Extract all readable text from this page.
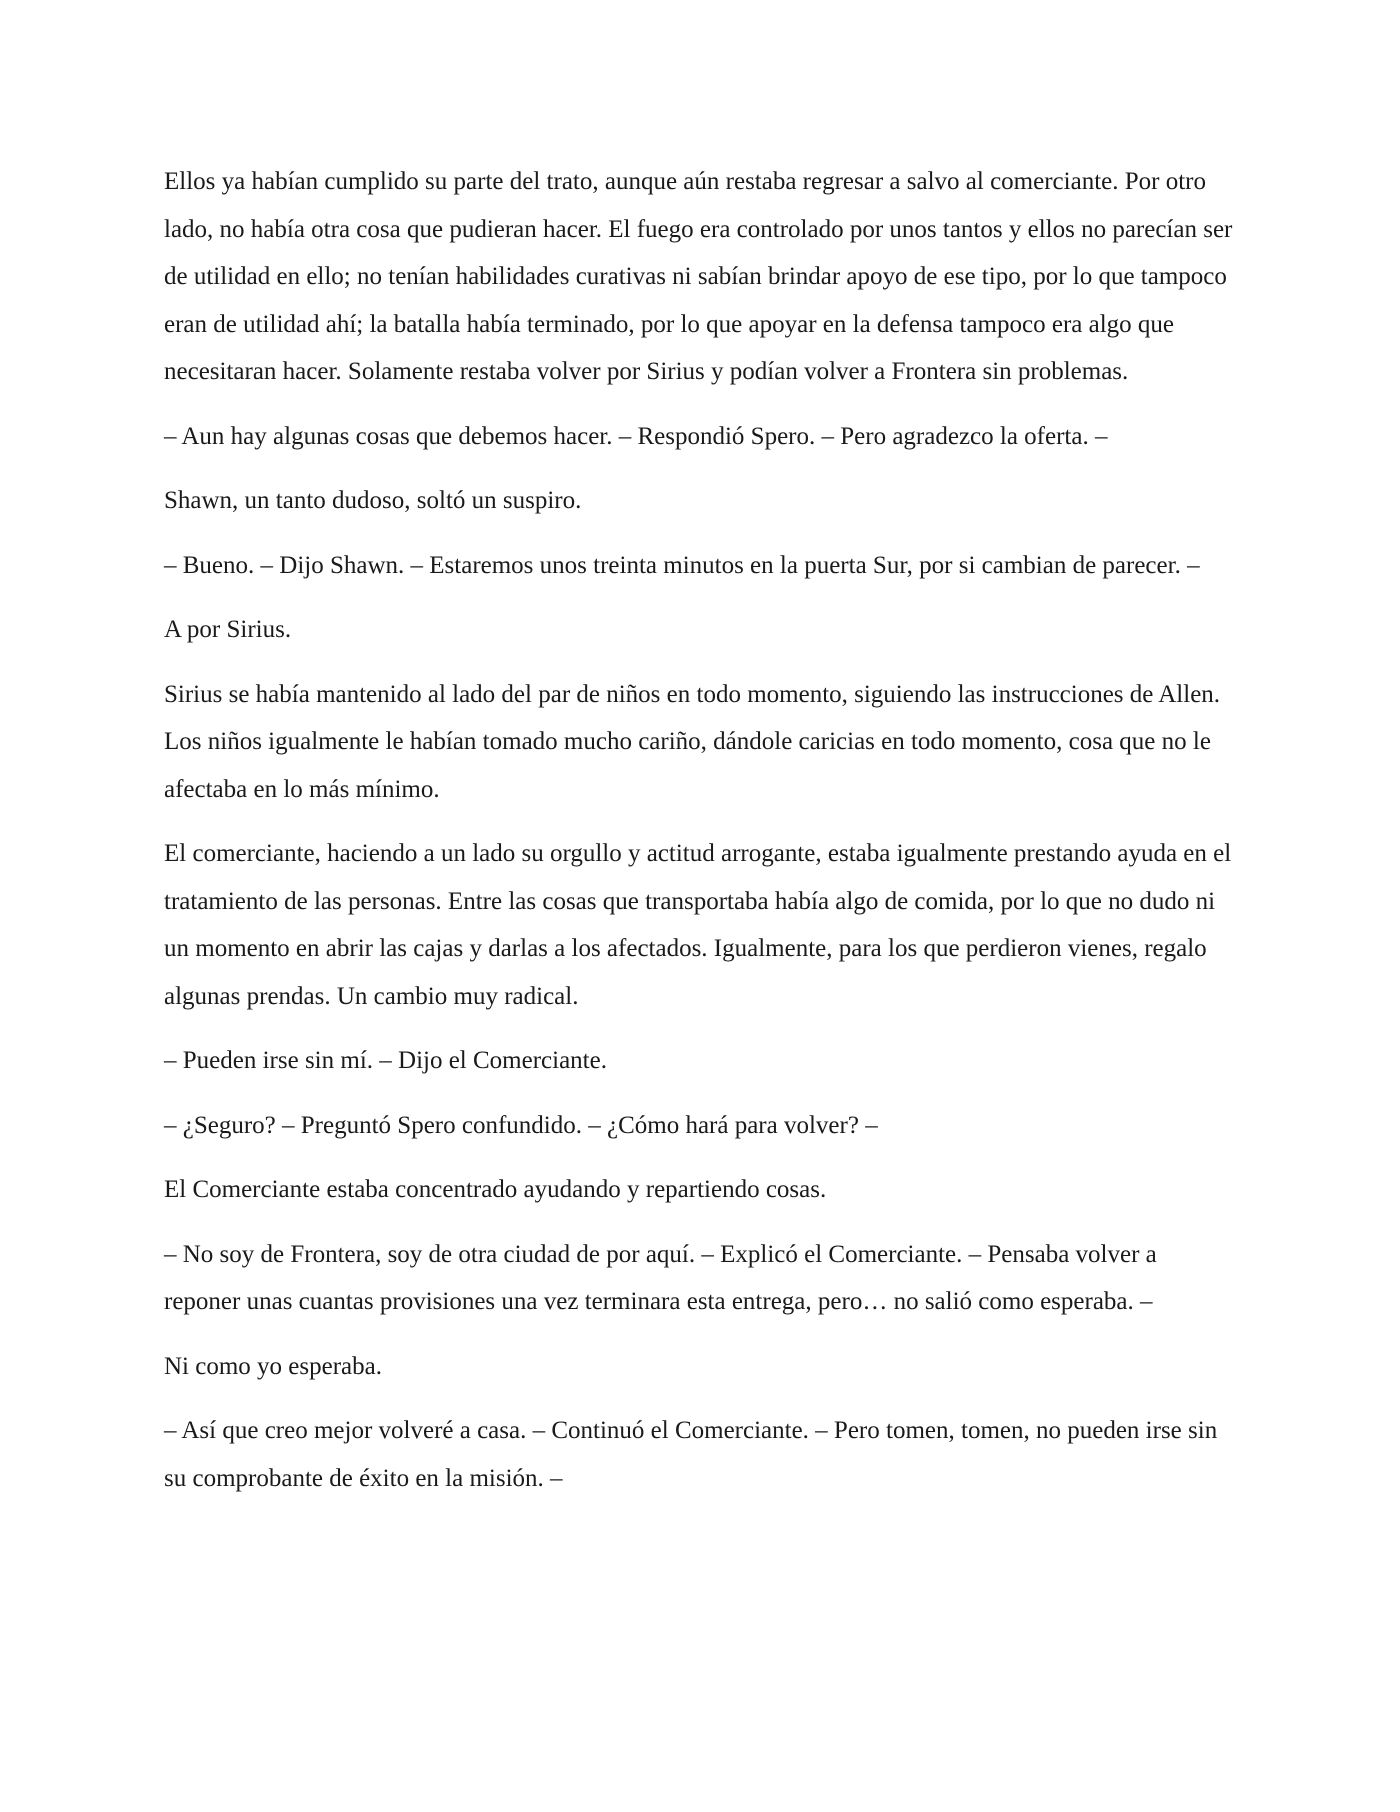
Ellos ya habían cumplido su parte del trato, aunque aún restaba regresar a salvo al comerciante. Por otro lado, no había otra cosa que pudieran hacer. El fuego era controlado por unos tantos y ellos no parecían ser de utilidad en ello; no tenían habilidades curativas ni sabían brindar apoyo de ese tipo, por lo que tampoco eran de utilidad ahí; la batalla había terminado, por lo que apoyar en la defensa tampoco era algo que necesitaran hacer. Solamente restaba volver por Sirius y podían volver a Frontera sin problemas.

– Aun hay algunas cosas que debemos hacer. – Respondió Spero. – Pero agradezco la oferta. –

Shawn, un tanto dudoso, soltó un suspiro.

– Bueno. – Dijo Shawn. – Estaremos unos treinta minutos en la puerta Sur, por si cambian de parecer. –

A por Sirius.

Sirius se había mantenido al lado del par de niños en todo momento, siguiendo las instrucciones de Allen. Los niños igualmente le habían tomado mucho cariño, dándole caricias en todo momento, cosa que no le afectaba en lo más mínimo.

El comerciante, haciendo a un lado su orgullo y actitud arrogante, estaba igualmente prestando ayuda en el tratamiento de las personas. Entre las cosas que transportaba había algo de comida, por lo que no dudo ni un momento en abrir las cajas y darlas a los afectados. Igualmente, para los que perdieron vienes, regalo algunas prendas. Un cambio muy radical.

– Pueden irse sin mí. – Dijo el Comerciante.

– ¿Seguro? – Preguntó Spero confundido. – ¿Cómo hará para volver? –

El Comerciante estaba concentrado ayudando y repartiendo cosas.

– No soy de Frontera, soy de otra ciudad de por aquí. – Explicó el Comerciante. – Pensaba volver a reponer unas cuantas provisiones una vez terminara esta entrega, pero… no salió como esperaba. –

Ni como yo esperaba.

– Así que creo mejor volveré a casa. – Continuó el Comerciante. – Pero tomen, tomen, no pueden irse sin su comprobante de éxito en la misión. –
